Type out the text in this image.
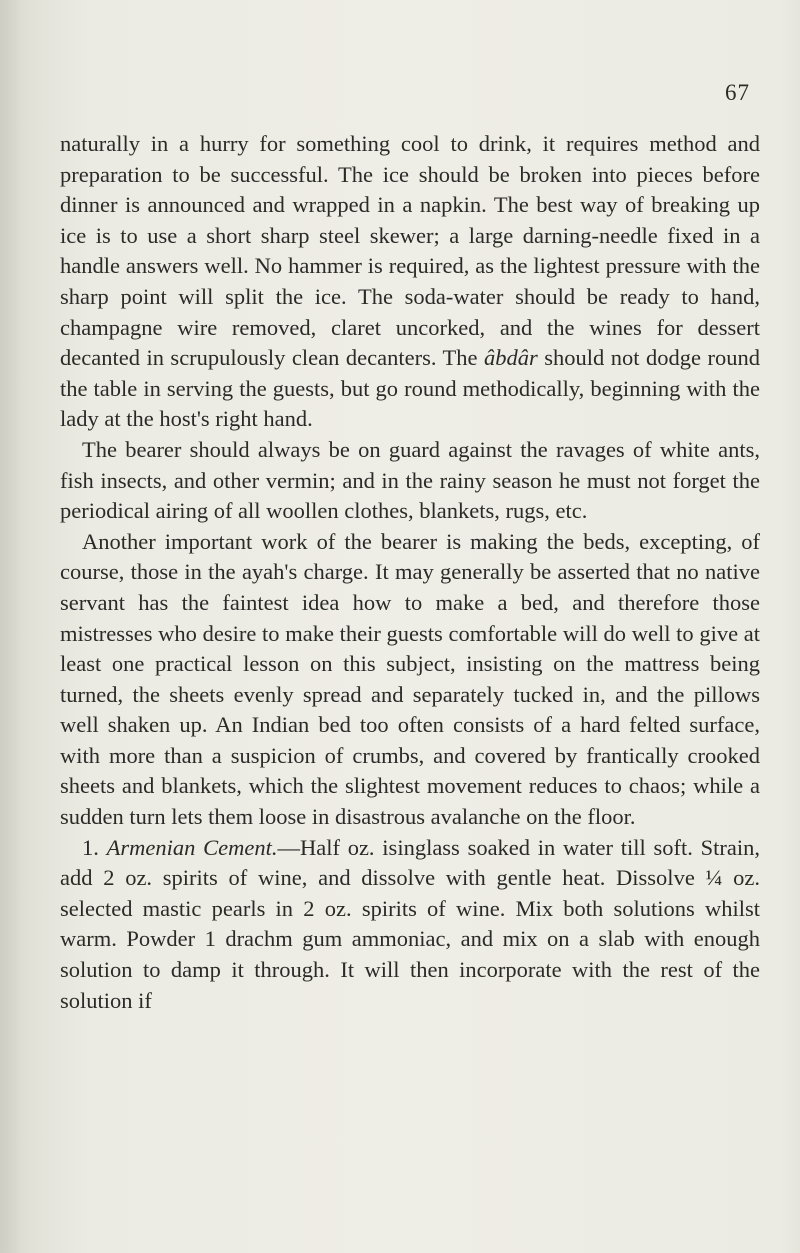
67

naturally in a hurry for something cool to drink, it requires method and preparation to be successful. The ice should be broken into pieces before dinner is announced and wrapped in a napkin. The best way of breaking up ice is to use a short sharp steel skewer; a large darning-needle fixed in a handle answers well. No hammer is required, as the lightest pressure with the sharp point will split the ice. The soda-water should be ready to hand, champagne wire removed, claret uncorked, and the wines for dessert decanted in scrupulously clean decanters. The âbdâr should not dodge round the table in serving the guests, but go round methodically, beginning with the lady at the host's right hand.

The bearer should always be on guard against the ravages of white ants, fish insects, and other vermin; and in the rainy season he must not forget the periodical airing of all woollen clothes, blankets, rugs, etc.

Another important work of the bearer is making the beds, excepting, of course, those in the ayah's charge. It may generally be asserted that no native servant has the faintest idea how to make a bed, and therefore those mistresses who desire to make their guests comfortable will do well to give at least one practical lesson on this subject, insisting on the mattress being turned, the sheets evenly spread and separately tucked in, and the pillows well shaken up. An Indian bed too often consists of a hard felted surface, with more than a suspicion of crumbs, and covered by frantically crooked sheets and blankets, which the slightest movement reduces to chaos; while a sudden turn lets them loose in disastrous avalanche on the floor.

1. Armenian Cement.—Half oz. isinglass soaked in water till soft. Strain, add 2 oz. spirits of wine, and dissolve with gentle heat. Dissolve ¼ oz. selected mastic pearls in 2 oz. spirits of wine. Mix both solutions whilst warm. Powder 1 drachm gum ammoniac, and mix on a slab with enough solution to damp it through. It will then incorporate with the rest of the solution if
